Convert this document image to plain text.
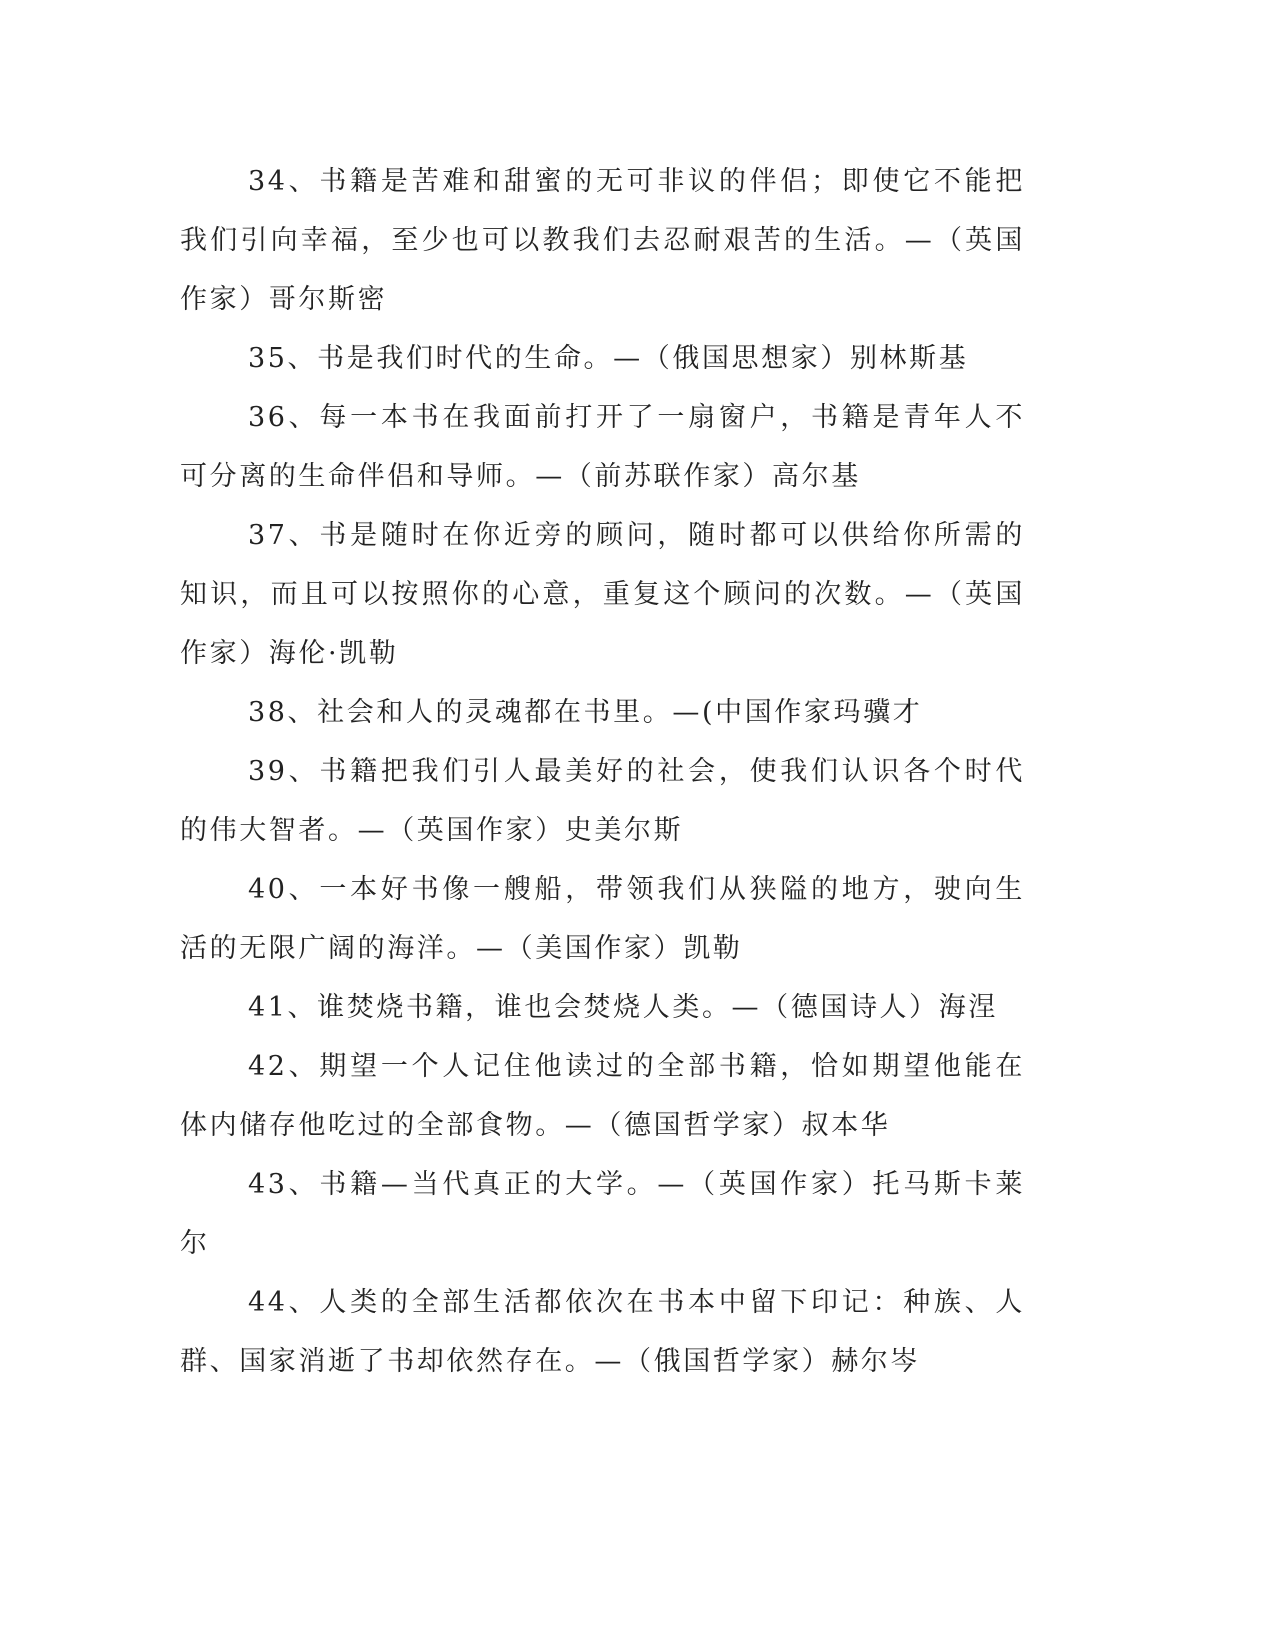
34、书籍是苦难和甜蜜的无可非议的伴侣；即使它不能把我们引向幸福，至少也可以教我们去忍耐艰苦的生活。—（英国作家）哥尔斯密

35、书是我们时代的生命。—（俄国思想家）别林斯基

36、每一本书在我面前打开了一扇窗户，书籍是青年人不可分离的生命伴侣和导师。—（前苏联作家）高尔基

37、书是随时在你近旁的顾问，随时都可以供给你所需的知识，而且可以按照你的心意，重复这个顾问的次数。—（英国作家）海伦·凯勒

38、社会和人的灵魂都在书里。—(中国作家玛骥才

39、书籍把我们引人最美好的社会，使我们认识各个时代的伟大智者。—（英国作家）史美尔斯

40、一本好书像一艘船，带领我们从狭隘的地方，驶向生活的无限广阔的海洋。—（美国作家）凯勒

41、谁焚烧书籍，谁也会焚烧人类。—（德国诗人）海涅

42、期望一个人记住他读过的全部书籍，恰如期望他能在体内储存他吃过的全部食物。—（德国哲学家）叔本华

43、书籍—当代真正的大学。—（英国作家）托马斯卡莱尔

44、人类的全部生活都依次在书本中留下印记：种族、人群、国家消逝了书却依然存在。—（俄国哲学家）赫尔岑
